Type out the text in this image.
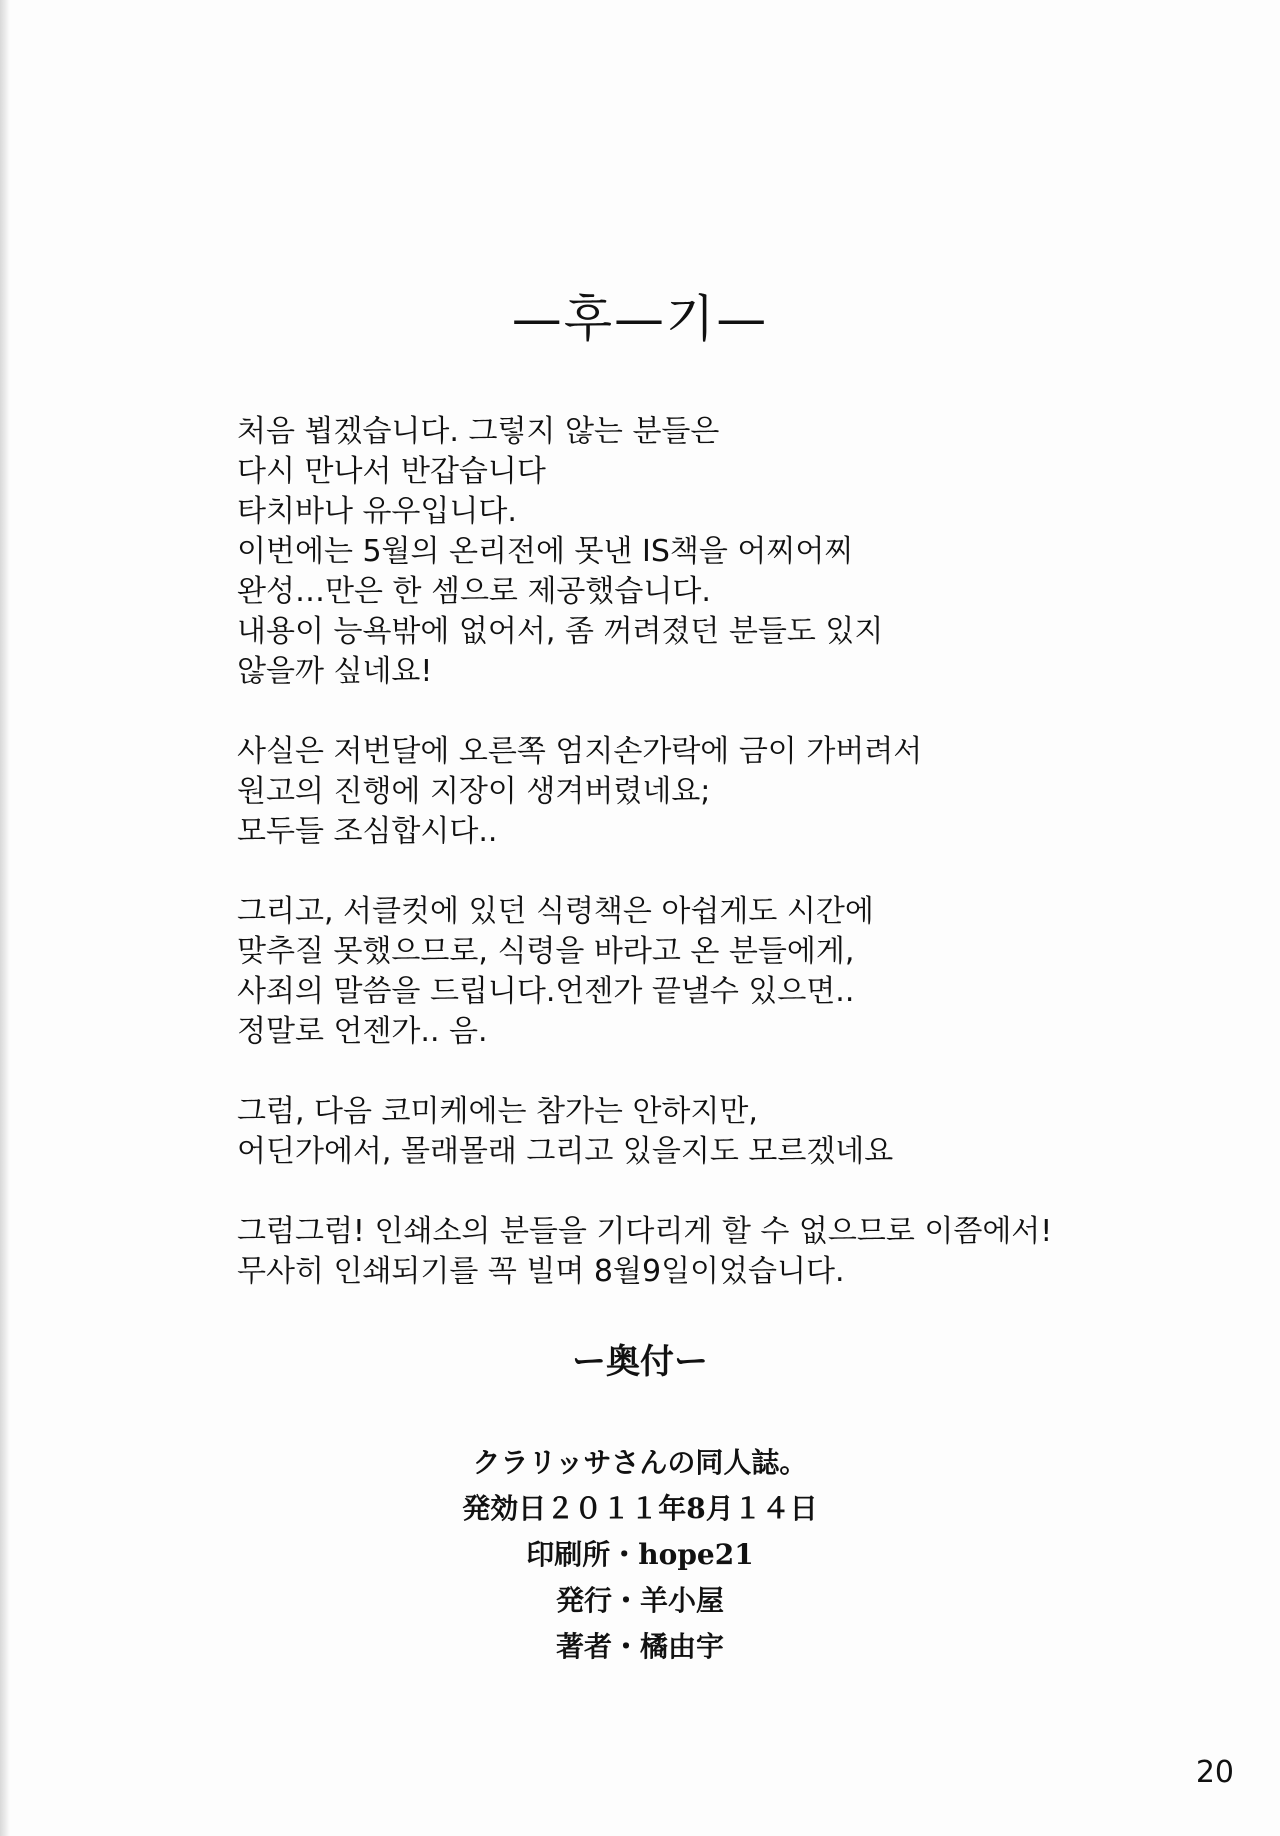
—후—기—

처음 뵙겠습니다. 그렇지 않는 분들은
다시 만나서 반갑습니다
타치바나 유우입니다.
이번에는 5월의 온리전에 못낸 IS책을 어찌어찌
완성…만은 한 셈으로 제공했습니다.
내용이 능욕밖에 없어서, 좀 꺼려졌던 분들도 있지
않을까 싶네요!

사실은 저번달에 오른쪽 엄지손가락에 금이 가버려서
원고의 진행에 지장이 생겨버렸네요;
모두들 조심합시다..

그리고, 서클컷에 있던 식령책은 아쉽게도 시간에
맞추질 못했으므로, 식령을 바라고 온 분들에게,
사죄의 말씀을 드립니다.언젠가 끝낼수 있으면..
정말로 언젠가.. 음.

그럼, 다음 코미케에는 참가는 안하지만,
어딘가에서, 몰래몰래 그리고 있을지도 모르겠네요

그럼그럼! 인쇄소의 분들을 기다리게 할 수 없으므로 이쯤에서!
무사히 인쇄되기를 꼭 빌며 8월9일이었습니다.

ー奥付ー
クラリッサさんの同人誌。
発効日２０１１年8月１４日
印刷所・hope21
発行・羊小屋
著者・橘由宇
20
